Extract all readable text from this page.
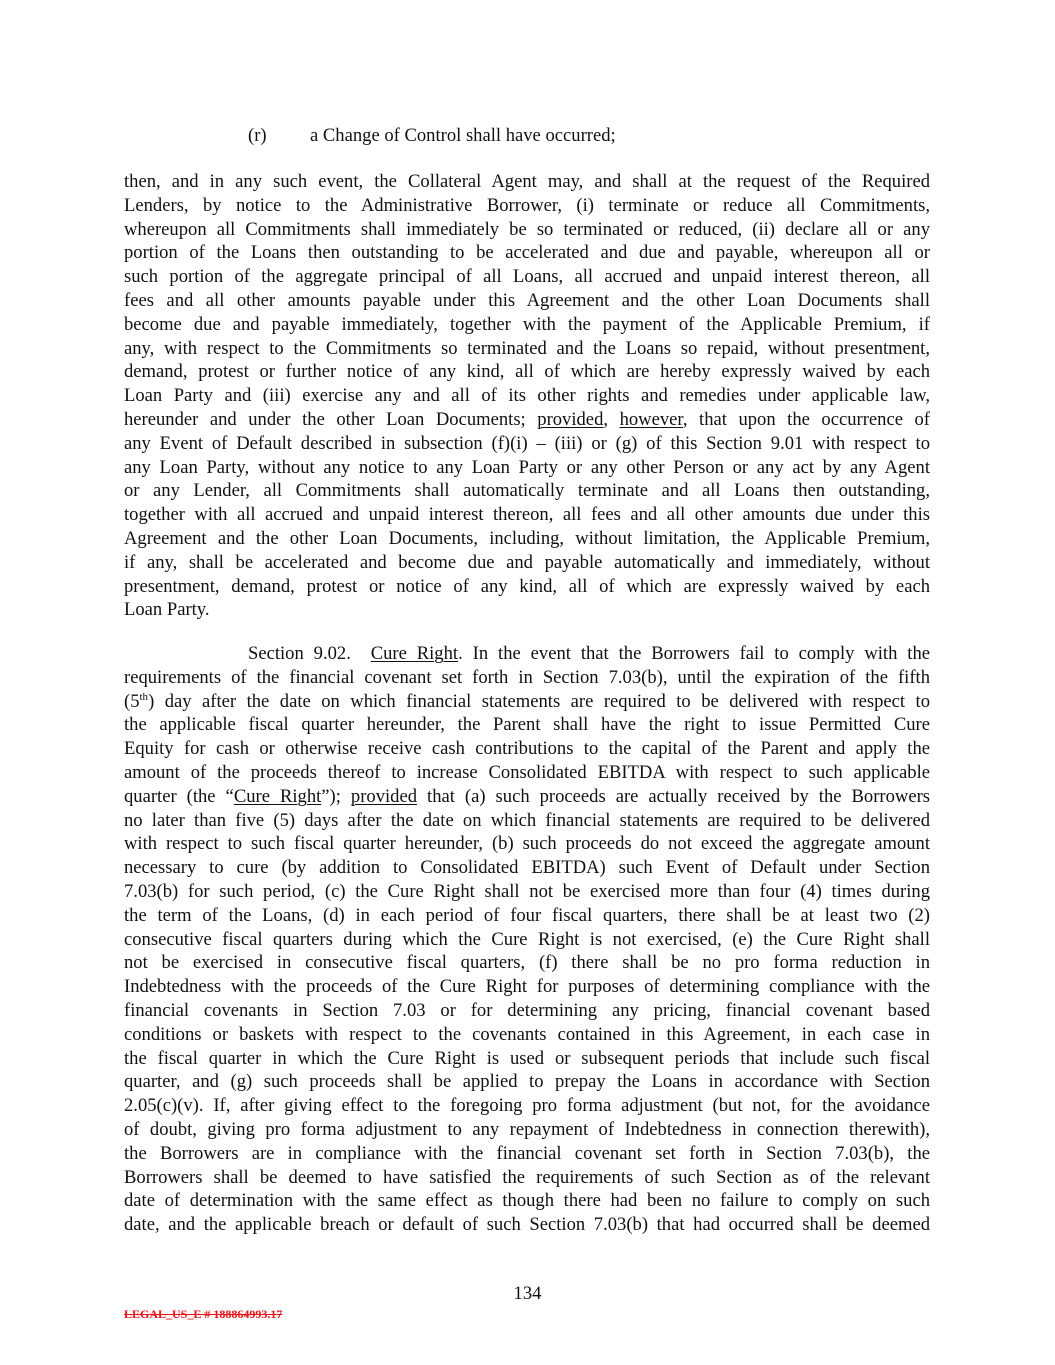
(r) a Change of Control shall have occurred;
then, and in any such event, the Collateral Agent may, and shall at the request of the Required
Lenders, by notice to the Administrative Borrower, (i) terminate or reduce all Commitments,
whereupon all Commitments shall immediately be so terminated or reduced, (ii) declare all or any
portion of the Loans then outstanding to be accelerated and due and payable, whereupon all or
such portion of the aggregate principal of all Loans, all accrued and unpaid interest thereon, all
fees and all other amounts payable under this Agreement and the other Loan Documents shall
become due and payable immediately, together with the payment of the Applicable Premium, if
any, with respect to the Commitments so terminated and the Loans so repaid, without presentment,
demand, protest or further notice of any kind, all of which are hereby expressly waived by each
Loan Party and (iii) exercise any and all of its other rights and remedies under applicable law,
hereunder and under the other Loan Documents; provided, however, that upon the occurrence of
any Event of Default described in subsection (f)(i) – (iii) or (g) of this Section 9.01 with respect to
any Loan Party, without any notice to any Loan Party or any other Person or any act by any Agent
or any Lender, all Commitments shall automatically terminate and all Loans then outstanding,
together with all accrued and unpaid interest thereon, all fees and all other amounts due under this
Agreement and the other Loan Documents, including, without limitation, the Applicable Premium,
if any, shall be accelerated and become due and payable automatically and immediately, without
presentment, demand, protest or notice of any kind, all of which are expressly waived by each
Loan Party.
Section 9.02. Cure Right. In the event that the Borrowers fail to comply with the
requirements of the financial covenant set forth in Section 7.03(b), until the expiration of the fifth
(5th) day after the date on which financial statements are required to be delivered with respect to
the applicable fiscal quarter hereunder, the Parent shall have the right to issue Permitted Cure
Equity for cash or otherwise receive cash contributions to the capital of the Parent and apply the
amount of the proceeds thereof to increase Consolidated EBITDA with respect to such applicable
quarter (the “Cure Right”); provided that (a) such proceeds are actually received by the Borrowers
no later than five (5) days after the date on which financial statements are required to be delivered
with respect to such fiscal quarter hereunder, (b) such proceeds do not exceed the aggregate amount
necessary to cure (by addition to Consolidated EBITDA) such Event of Default under Section
7.03(b) for such period, (c) the Cure Right shall not be exercised more than four (4) times during
the term of the Loans, (d) in each period of four fiscal quarters, there shall be at least two (2)
consecutive fiscal quarters during which the Cure Right is not exercised, (e) the Cure Right shall
not be exercised in consecutive fiscal quarters, (f) there shall be no pro forma reduction in
Indebtedness with the proceeds of the Cure Right for purposes of determining compliance with the
financial covenants in Section 7.03 or for determining any pricing, financial covenant based
conditions or baskets with respect to the covenants contained in this Agreement, in each case in
the fiscal quarter in which the Cure Right is used or subsequent periods that include such fiscal
quarter, and (g) such proceeds shall be applied to prepay the Loans in accordance with Section
2.05(c)(v). If, after giving effect to the foregoing pro forma adjustment (but not, for the avoidance
of doubt, giving pro forma adjustment to any repayment of Indebtedness in connection therewith),
the Borrowers are in compliance with the financial covenant set forth in Section 7.03(b), the
Borrowers shall be deemed to have satisfied the requirements of such Section as of the relevant
date of determination with the same effect as though there had been no failure to comply on such
date, and the applicable breach or default of such Section 7.03(b) that had occurred shall be deemed
134
LEGAL_US_E # 188864993.17
